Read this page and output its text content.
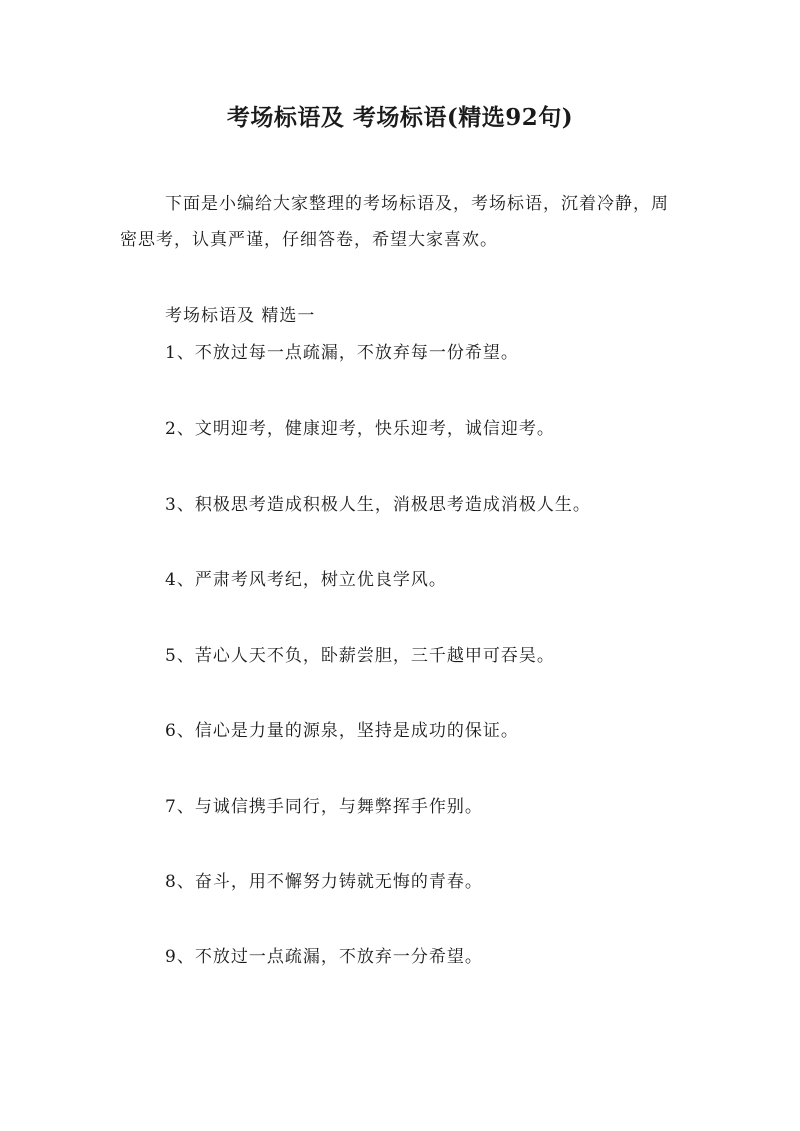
考场标语及 考场标语(精选92句)

下面是小编给大家整理的考场标语及，考场标语，沉着冷静，周密思考，认真严谨，仔细答卷，希望大家喜欢。

考场标语及 精选一

1、不放过每一点疏漏，不放弃每一份希望。

2、文明迎考，健康迎考，快乐迎考，诚信迎考。

3、积极思考造成积极人生，消极思考造成消极人生。

4、严肃考风考纪，树立优良学风。

5、苦心人天不负，卧薪尝胆，三千越甲可吞吴。

6、信心是力量的源泉，坚持是成功的保证。

7、与诚信携手同行，与舞弊挥手作别。

8、奋斗，用不懈努力铸就无悔的青春。

9、不放过一点疏漏，不放弃一分希望。
